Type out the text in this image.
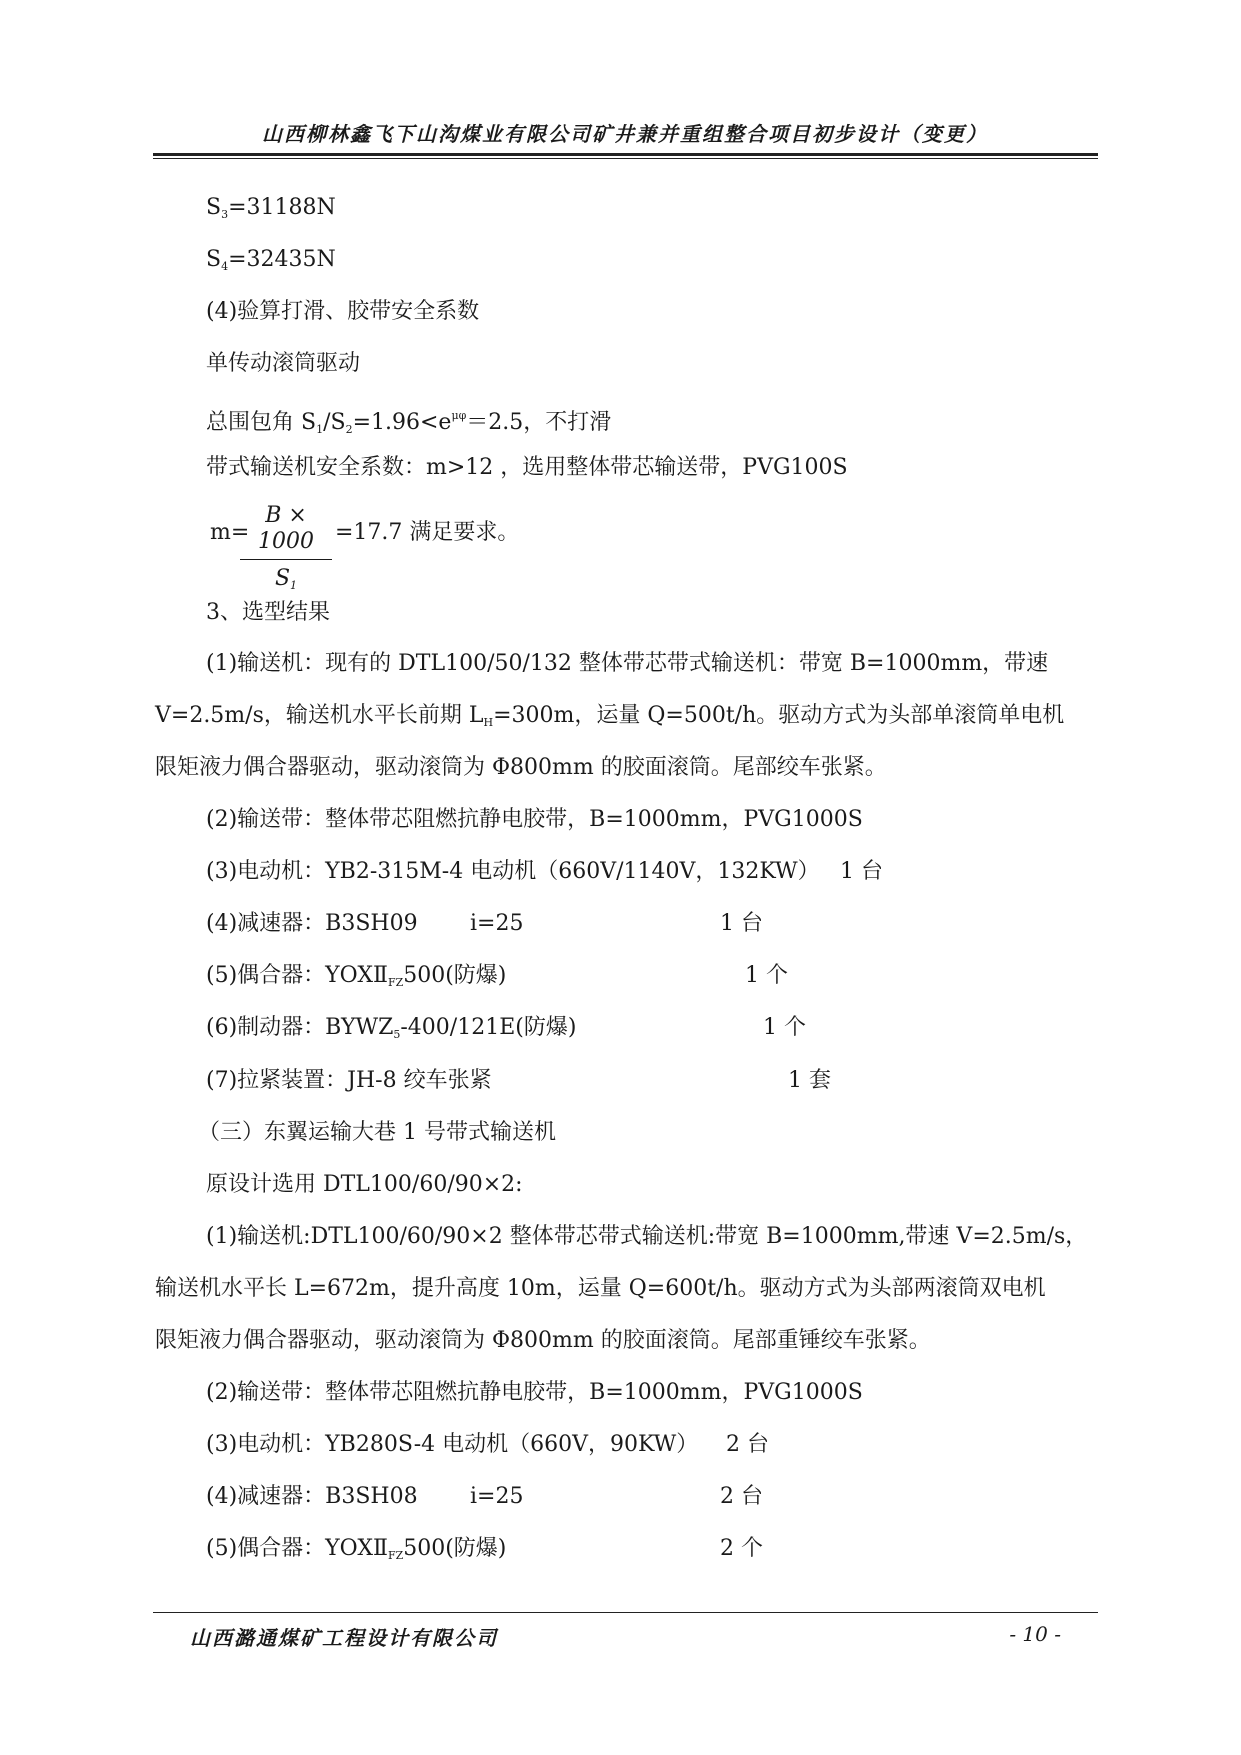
山西柳林鑫飞下山沟煤业有限公司矿井兼并重组整合项目初步设计（变更）
$S_3=31188N$
$S_4=32435N$
(4)验算打滑、胶带安全系数
单传动滚筒驱动
总围包角 $S_1/S_2=1.96<e^{\mu\varphi}=2.5$，不打滑
带式输送机安全系数：m>12 ，选用整体带芯输送带，PVG100S
m=
B × 1000
$S_1$
=17.7 满足要求。
3、选型结果
(1)输送机：现有的 DTL100/50/132 整体带芯带式输送机：带宽 B=1000mm，带速
V=2.5m/s，输送机水平长前期 $L_H=300m$，运量 Q=500t/h。驱动方式为头部单滚筒单电机
限矩液力偶合器驱动，驱动滚筒为 Φ800mm 的胶面滚筒。尾部绞车张紧。
(2)输送带：整体带芯阻燃抗静电胶带，B=1000mm，PVG1000S
(3)电动机：YB2-315M-4 电动机（660V/1140V，132KW） 1 台
(4)减速器：B3SH09 i=25	1 台
(5)偶合器：$YOXⅡ_{FZ}500$(防爆)	1 个
(6)制动器：$BYWZ_5-400/121E$(防爆)	1 个
(7)拉紧装置：JH-8 绞车张紧	1 套
（三）东翼运输大巷 1 号带式输送机
原设计选用 DTL100/60/90×2:
(1)输送机:DTL100/60/90×2 整体带芯带式输送机:带宽 B=1000mm,带速 V=2.5m/s，
输送机水平长 L=672m，提升高度 10m，运量 Q=600t/h。驱动方式为头部两滚筒双电机
限矩液力偶合器驱动，驱动滚筒为 Φ800mm 的胶面滚筒。尾部重锤绞车张紧。
(2)输送带：整体带芯阻燃抗静电胶带，B=1000mm，PVG1000S
(3)电动机：YB280S-4 电动机（660V，90KW） 2 台
(4)减速器：B3SH08 i=25	2 台
(5)偶合器：$YOXⅡ_{FZ}500$(防爆)	2 个
山西潞通煤矿工程设计有限公司	- 10 -
